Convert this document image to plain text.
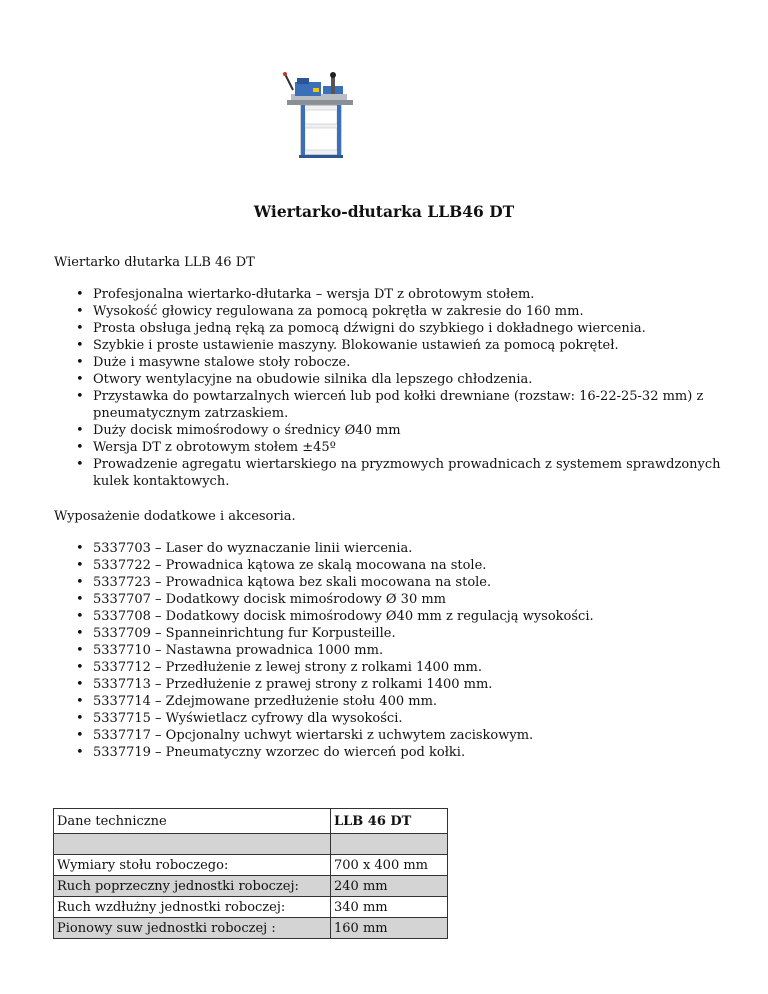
Wiertarko-dłutarka LLB46 DT
Wiertarko dłutarka LLB 46 DT
• Profesjonalna wiertarko-dłutarka – wersja DT z obrotowym stołem.
• Wysokość głowicy regulowana za pomocą pokrętła w zakresie do 160 mm.
• Prosta obsługa jedną ręką za pomocą dźwigni do szybkiego i dokładnego wiercenia.
• Szybkie i proste ustawienie maszyny. Blokowanie ustawień za pomocą pokręteł.
• Duże i masywne stalowe stoły robocze.
• Otwory wentylacyjne na obudowie silnika dla lepszego chłodzenia.
• Przystawka do powtarzalnych wierceń lub pod kołki drewniane (rozstaw: 16-22-25-32 mm) z pneumatycznym zatrzaskiem.
• Duży docisk mimośrodowy o średnicy Ø40 mm
• Wersja DT z obrotowym stołem ±45º
• Prowadzenie agregatu wiertarskiego na pryzmowych prowadnicach z systemem sprawdzonych kulek kontaktowych.
Wyposażenie dodatkowe i akcesoria.
• 5337703 – Laser do wyznaczanie linii wiercenia.
• 5337722 – Prowadnica kątowa ze skalą mocowana na stole.
• 5337723 – Prowadnica kątowa bez skali mocowana na stole.
• 5337707 – Dodatkowy docisk mimośrodowy Ø 30 mm
• 5337708 – Dodatkowy docisk mimośrodowy Ø40 mm z regulacją wysokości.
• 5337709 – Spanneinrichtung fur Korpusteille.
• 5337710 – Nastawna prowadnica 1000 mm.
• 5337712 – Przedłużenie z lewej strony z rolkami 1400 mm.
• 5337713 – Przedłużenie z prawej strony z rolkami 1400 mm.
• 5337714 – Zdejmowane przedłużenie stołu 400 mm.
• 5337715 – Wyświetlacz cyfrowy dla wysokości.
• 5337717 – Opcjonalny uchwyt wiertarski z uchwytem zaciskowym.
• 5337719 – Pneumatyczny wzorzec do wierceń pod kołki.
Dane techniczne	LLB 46 DT

Wymiary stołu roboczego:	700 x 400 mm
Ruch poprzeczny jednostki roboczej:	240 mm
Ruch wzdłużny jednostki roboczej:	340 mm
Pionowy suw jednostki roboczej :	160 mm
